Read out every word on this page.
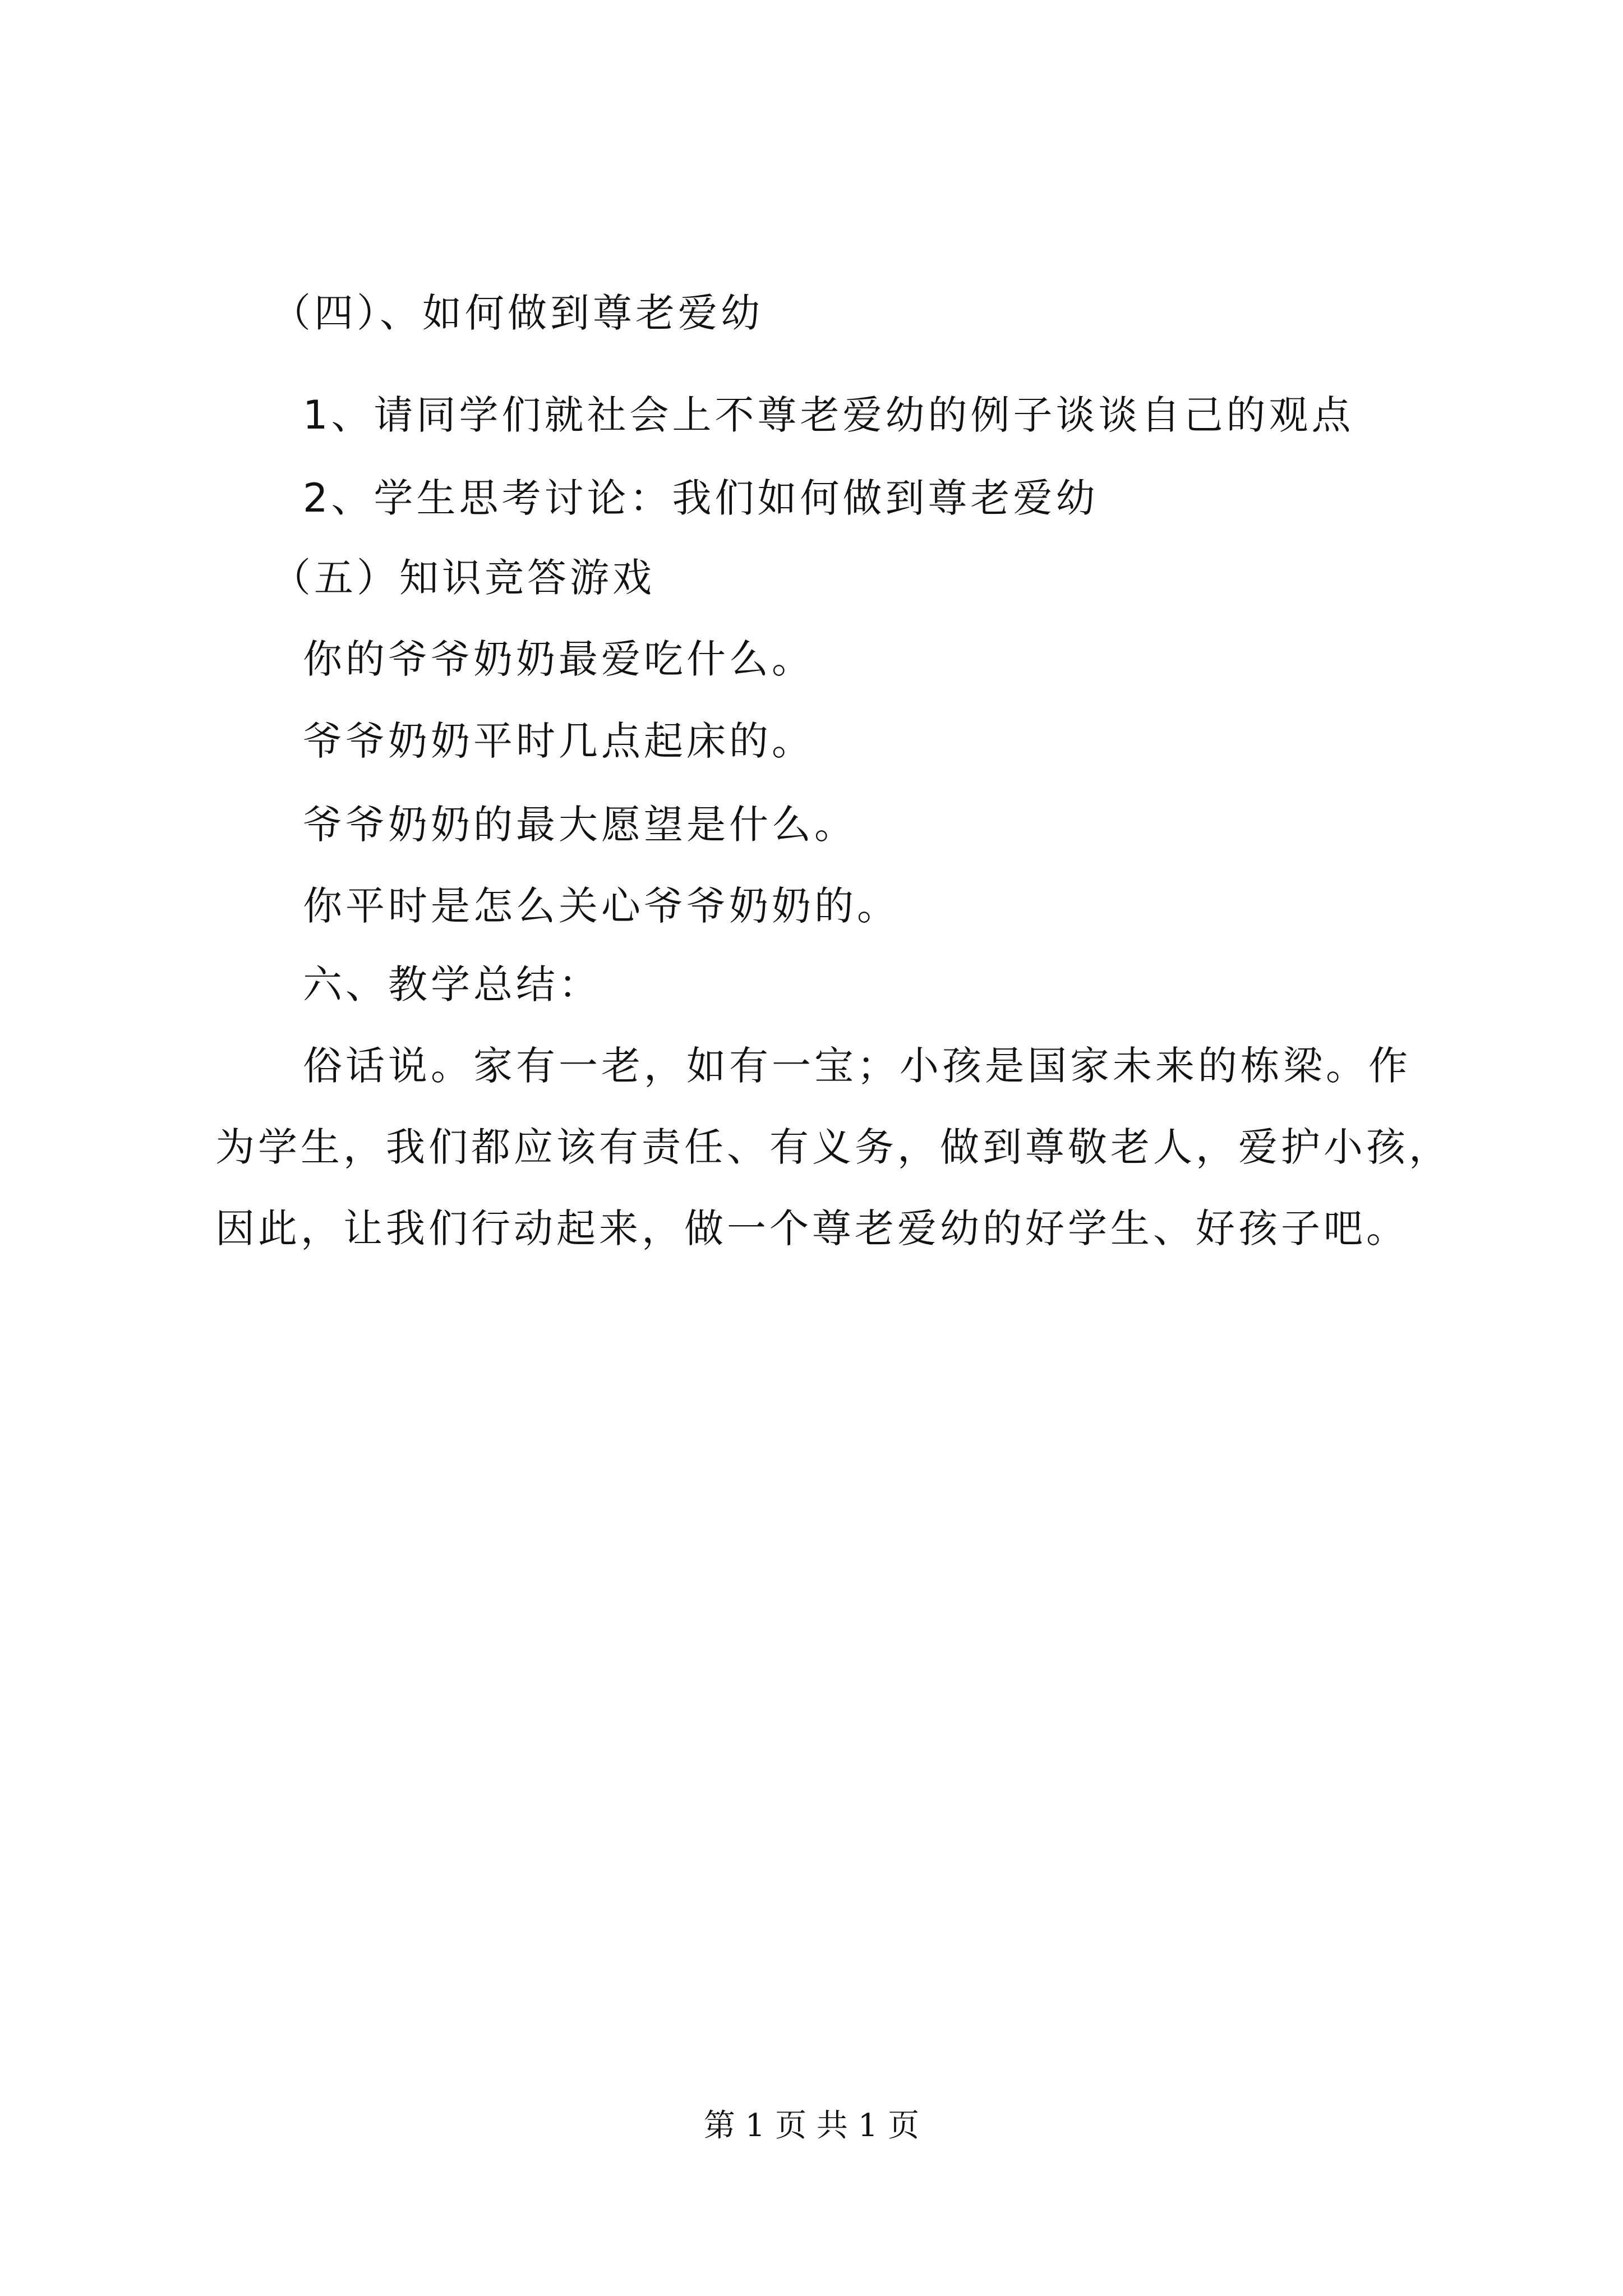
（四）、如何做到尊老爱幼
1、请同学们就社会上不尊老爱幼的例子谈谈自己的观点
2、学生思考讨论：我们如何做到尊老爱幼
（五）知识竞答游戏
你的爷爷奶奶最爱吃什么。
爷爷奶奶平时几点起床的。
爷爷奶奶的最大愿望是什么。
你平时是怎么关心爷爷奶奶的。
六、教学总结：
俗话说。家有一老，如有一宝；小孩是国家未来的栋梁。作
为学生，我们都应该有责任、有义务，做到尊敬老人，爱护小孩，
因此，让我们行动起来，做一个尊老爱幼的好学生、好孩子吧。
第 1 页 共 1 页
